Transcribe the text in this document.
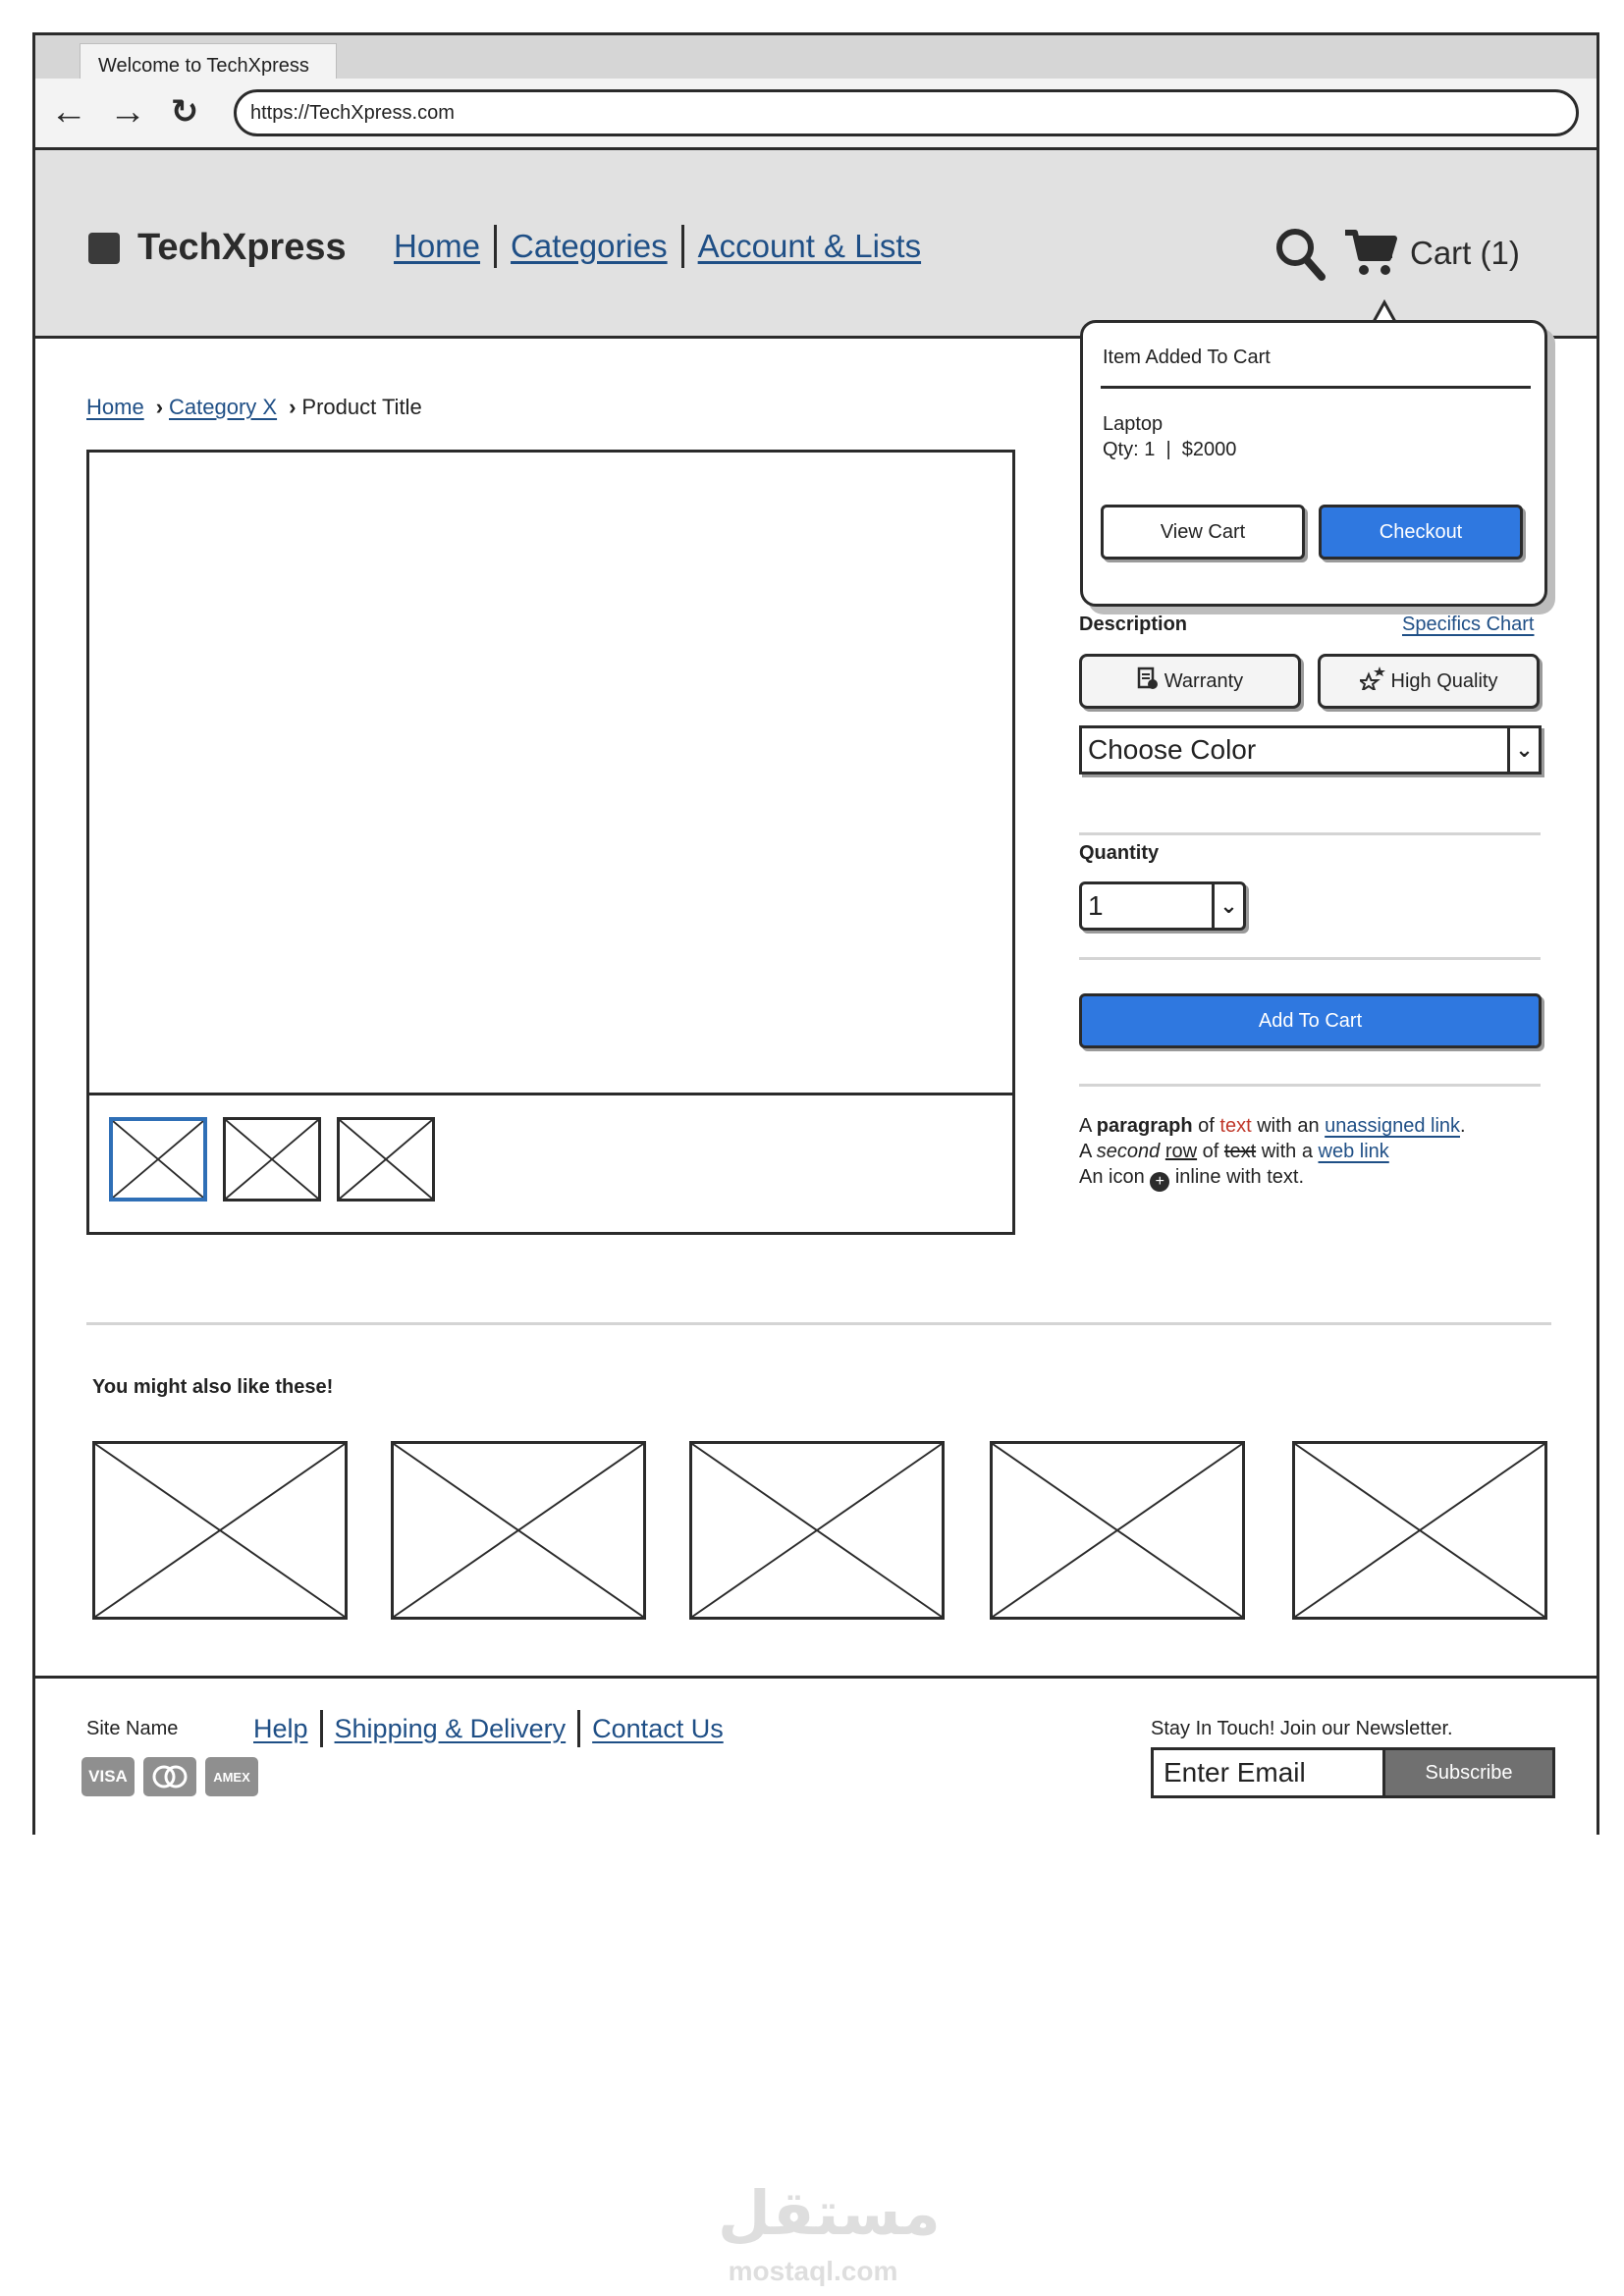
Welcome to TechXpress
← → ↻	https://TechXpress.com
TechXpress Home Categories Account & Lists	Cart (1)
Home › Category X › Product Title
Description	Specifics Chart
Warranty	High Quality
Choose Color	⌄
Quantity
1	⌄
Add To Cart
A paragraph of text with an unassigned link.
A second row of text with a web link
An icon + inline with text.
You might also like these!
Site Name	Help Shipping & Delivery Contact Us
VISA	AMEX
Stay In Touch! Join our Newsletter.
Enter Email	Subscribe
Item Added To Cart
Laptop
Qty: 1  |  $2000
View Cart	Checkout
مستقل
mostaql.com
